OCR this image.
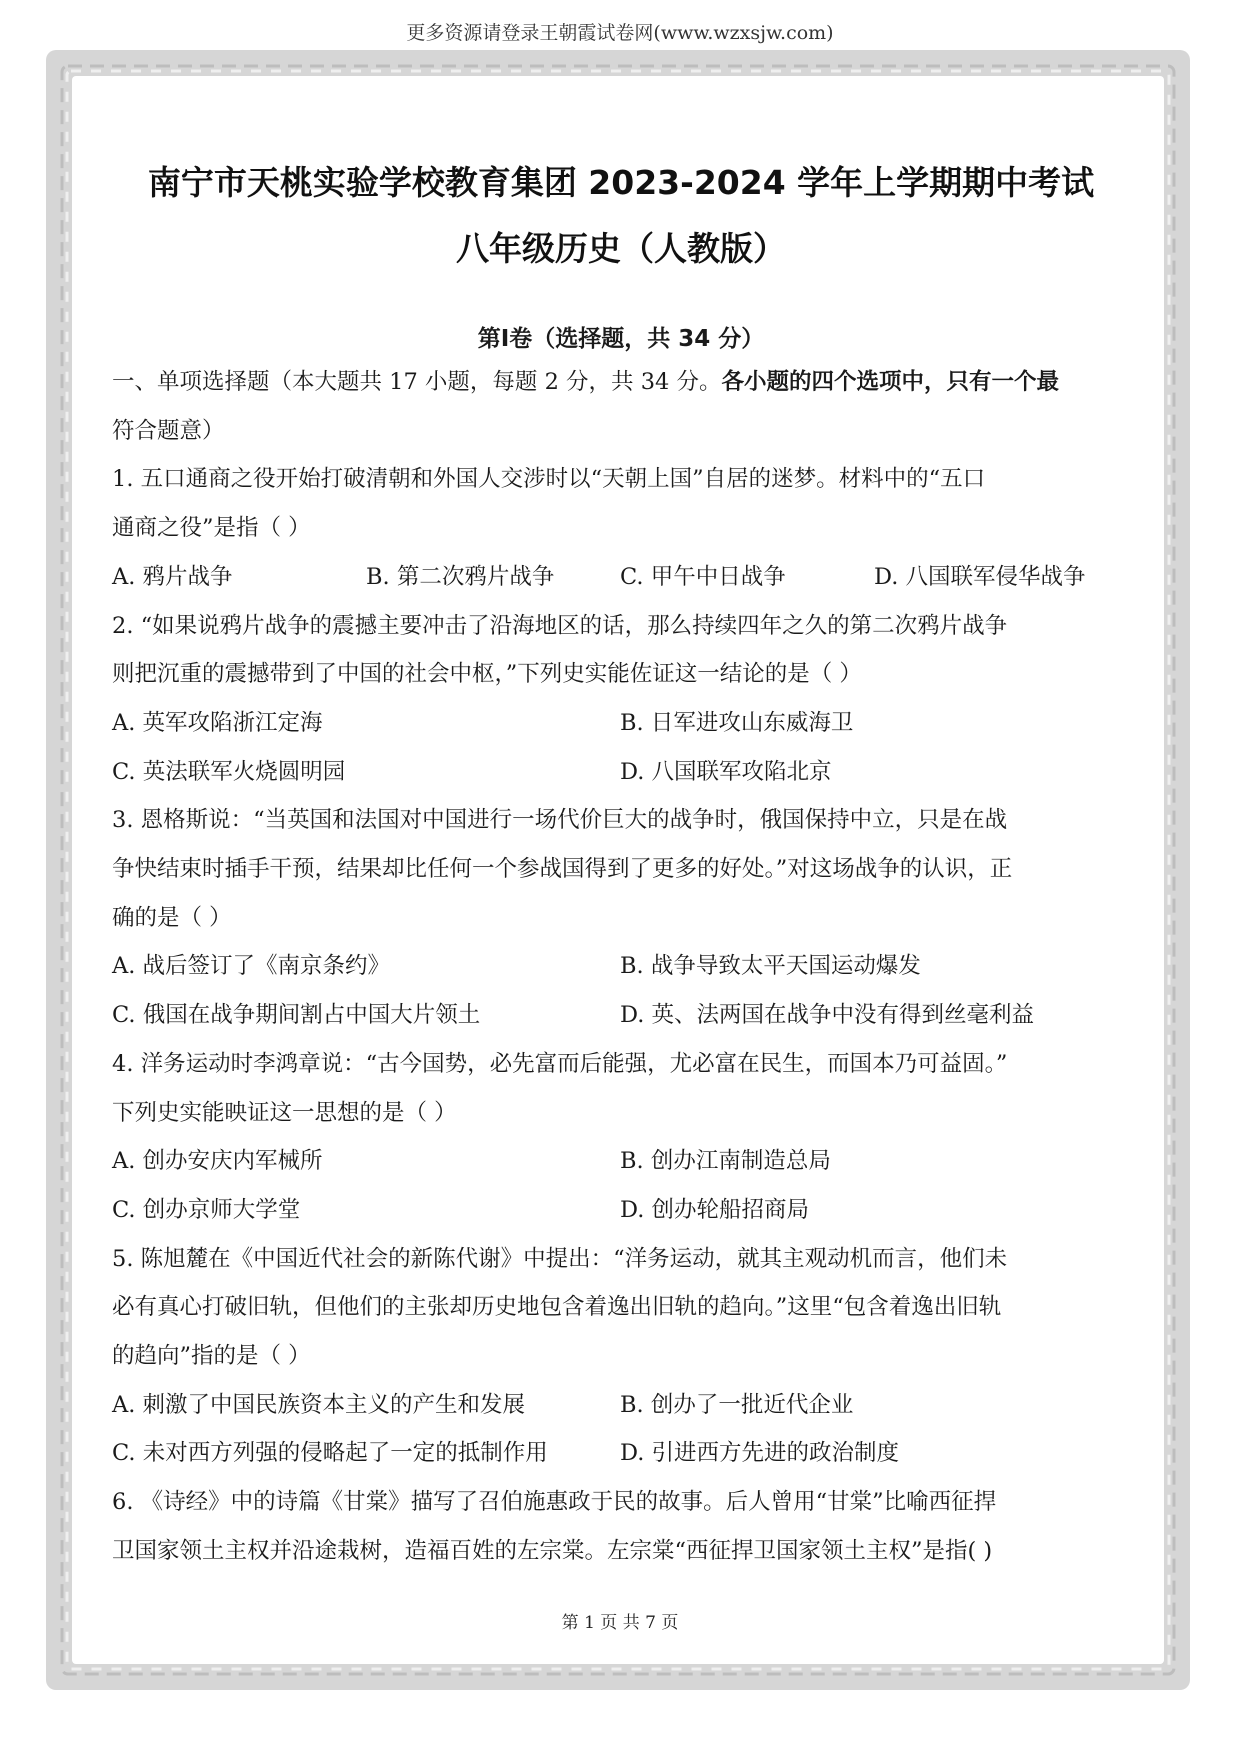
更多资源请登录王朝霞试卷网(www.wzxsjw.com)
南宁市天桃实验学校教育集团 2023-2024 学年上学期期中考试
八年级历史（人教版）
第Ⅰ卷（选择题，共 34 分）
一、单项选择题（本大题共 17 小题，每题 2 分，共 34 分。各小题的四个选项中，只有一个最
符合题意）
1. 五口通商之役开始打破清朝和外国人交涉时以“天朝上国”自居的迷梦。材料中的“五口
通商之役”是指（ ）
A. 鸦片战争	B. 第二次鸦片战争	C. 甲午中日战争	D. 八国联军侵华战争
2. “如果说鸦片战争的震撼主要冲击了沿海地区的话，那么持续四年之久的第二次鸦片战争
则把沉重的震撼带到了中国的社会中枢，”下列史实能佐证这一结论的是（ ）
A. 英军攻陷浙江定海	B. 日军进攻山东威海卫
C. 英法联军火烧圆明园	D. 八国联军攻陷北京
3. 恩格斯说：“当英国和法国对中国进行一场代价巨大的战争时，俄国保持中立，只是在战
争快结束时插手干预，结果却比任何一个参战国得到了更多的好处。”对这场战争的认识，正
确的是（ ）
A. 战后签订了《南京条约》	B. 战争导致太平天国运动爆发
C. 俄国在战争期间割占中国大片领土	D. 英、法两国在战争中没有得到丝毫利益
4. 洋务运动时李鸿章说：“古今国势，必先富而后能强，尤必富在民生，而国本乃可益固。”
下列史实能映证这一思想的是（ ）
A. 创办安庆内军械所	B. 创办江南制造总局
C. 创办京师大学堂	D. 创办轮船招商局
5. 陈旭麓在《中国近代社会的新陈代谢》中提出：“洋务运动，就其主观动机而言，他们未
必有真心打破旧轨，但他们的主张却历史地包含着逸出旧轨的趋向。”这里“包含着逸出旧轨
的趋向”指的是（ ）
A. 刺激了中国民族资本主义的产生和发展	B. 创办了一批近代企业
C. 未对西方列强的侵略起了一定的抵制作用	D. 引进西方先进的政治制度
6. 《诗经》中的诗篇《甘棠》描写了召伯施惠政于民的故事。后人曾用“甘棠”比喻西征捍
卫国家领土主权并沿途栽树，造福百姓的左宗棠。左宗棠“西征捍卫国家领土主权”是指( )
第 1 页 共 7 页
